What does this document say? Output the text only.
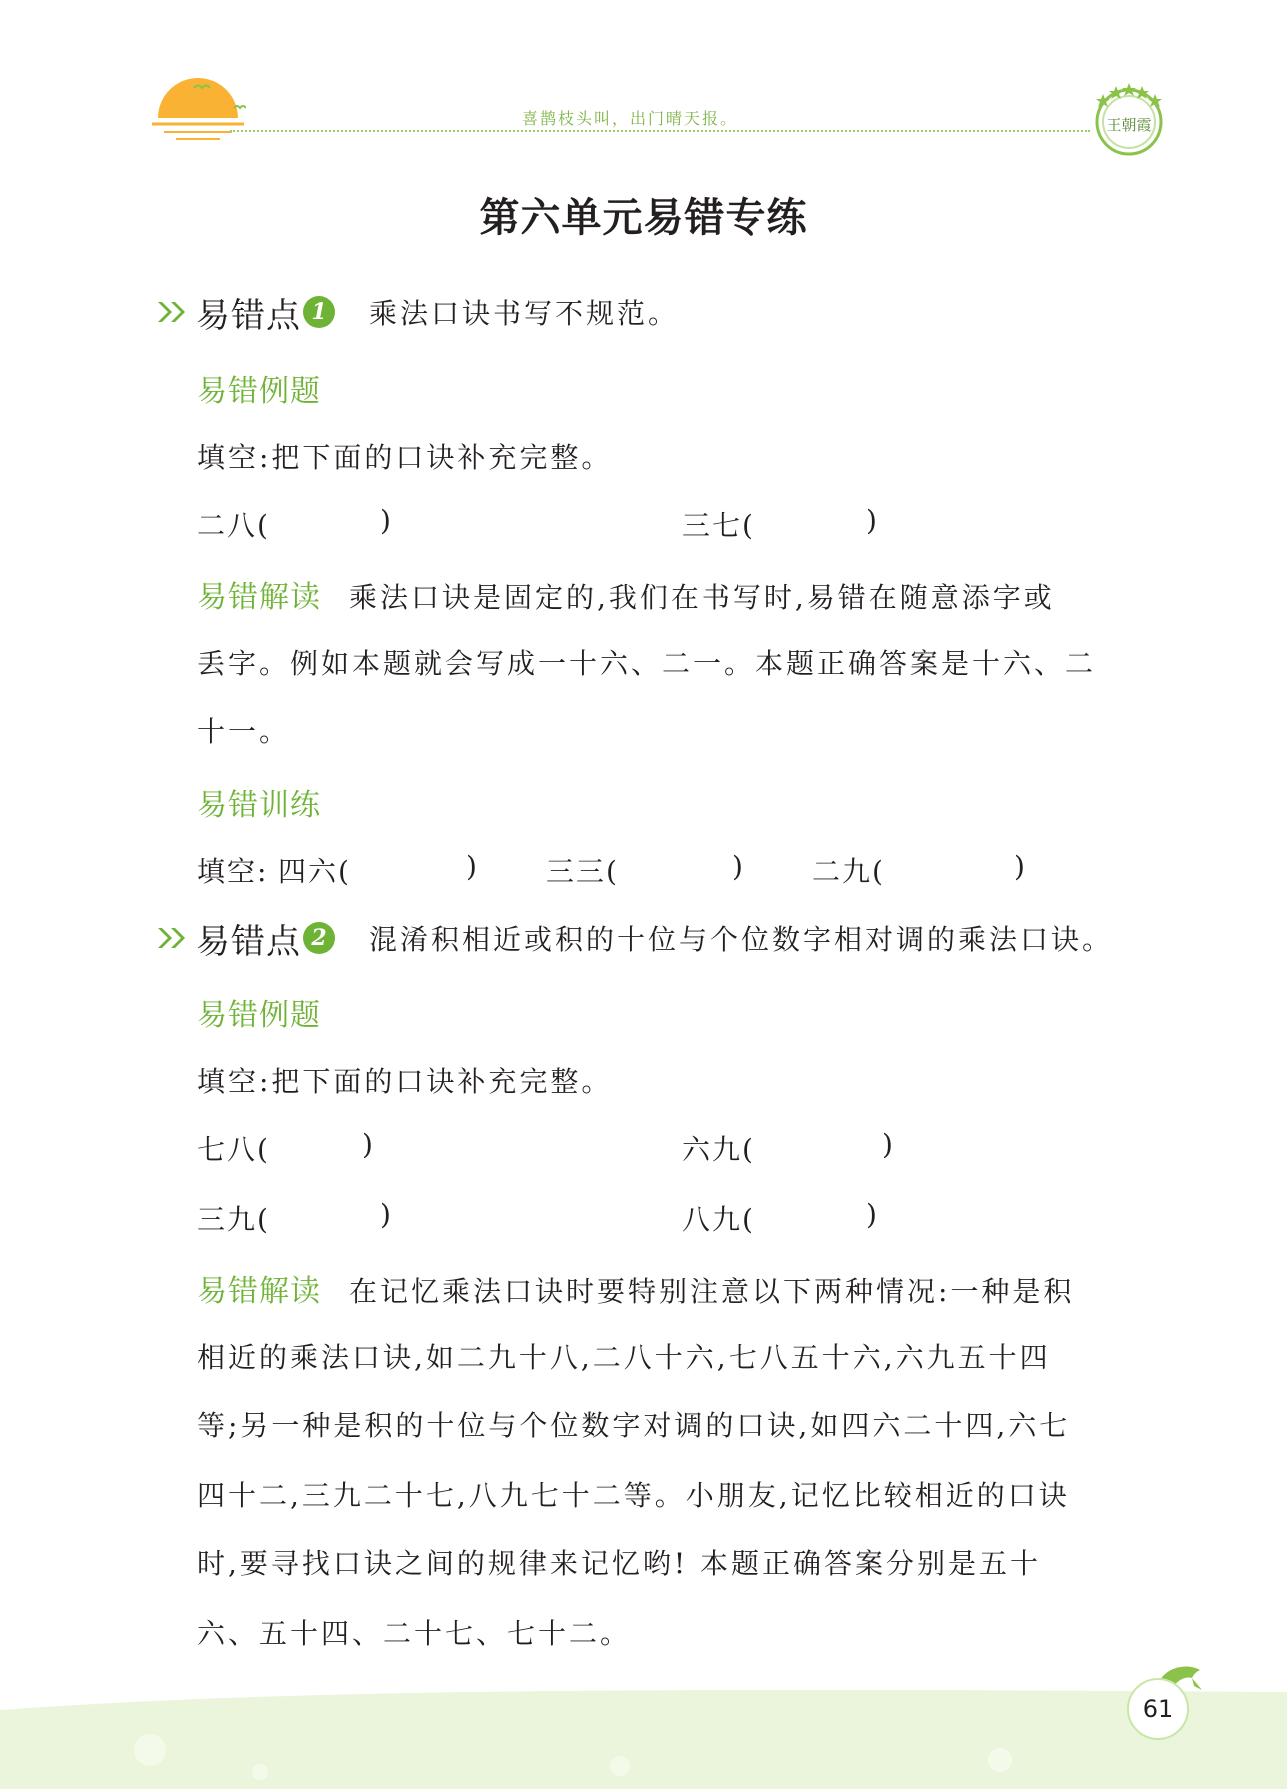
喜鹊枝头叫，出门晴天报。	王朝霞
第六单元易错专练
易错点 1 乘法口诀书写不规范。
易错例题
填空:把下面的口诀补充完整。
二八(	)	三七(	)
易错解读 乘法口诀是固定的,我们在书写时,易错在随意添字或
丢字。例如本题就会写成一十六、二一。本题正确答案是十六、二
十一。
易错训练
填空: 四六(	) 三三(	) 二九(	)
易错点 2 混淆积相近或积的十位与个位数字相对调的乘法口诀。
易错例题
填空:把下面的口诀补充完整。
七八(	)	六九(	)
三九(	)	八九(	)
易错解读 在记忆乘法口诀时要特别注意以下两种情况:一种是积
相近的乘法口诀,如二九十八,二八十六,七八五十六,六九五十四
等;另一种是积的十位与个位数字对调的口诀,如四六二十四,六七
四十二,三九二十七,八九七十二等。小朋友,记忆比较相近的口诀
时,要寻找口诀之间的规律来记忆哟! 本题正确答案分别是五十
六、五十四、二十七、七十二。
61
